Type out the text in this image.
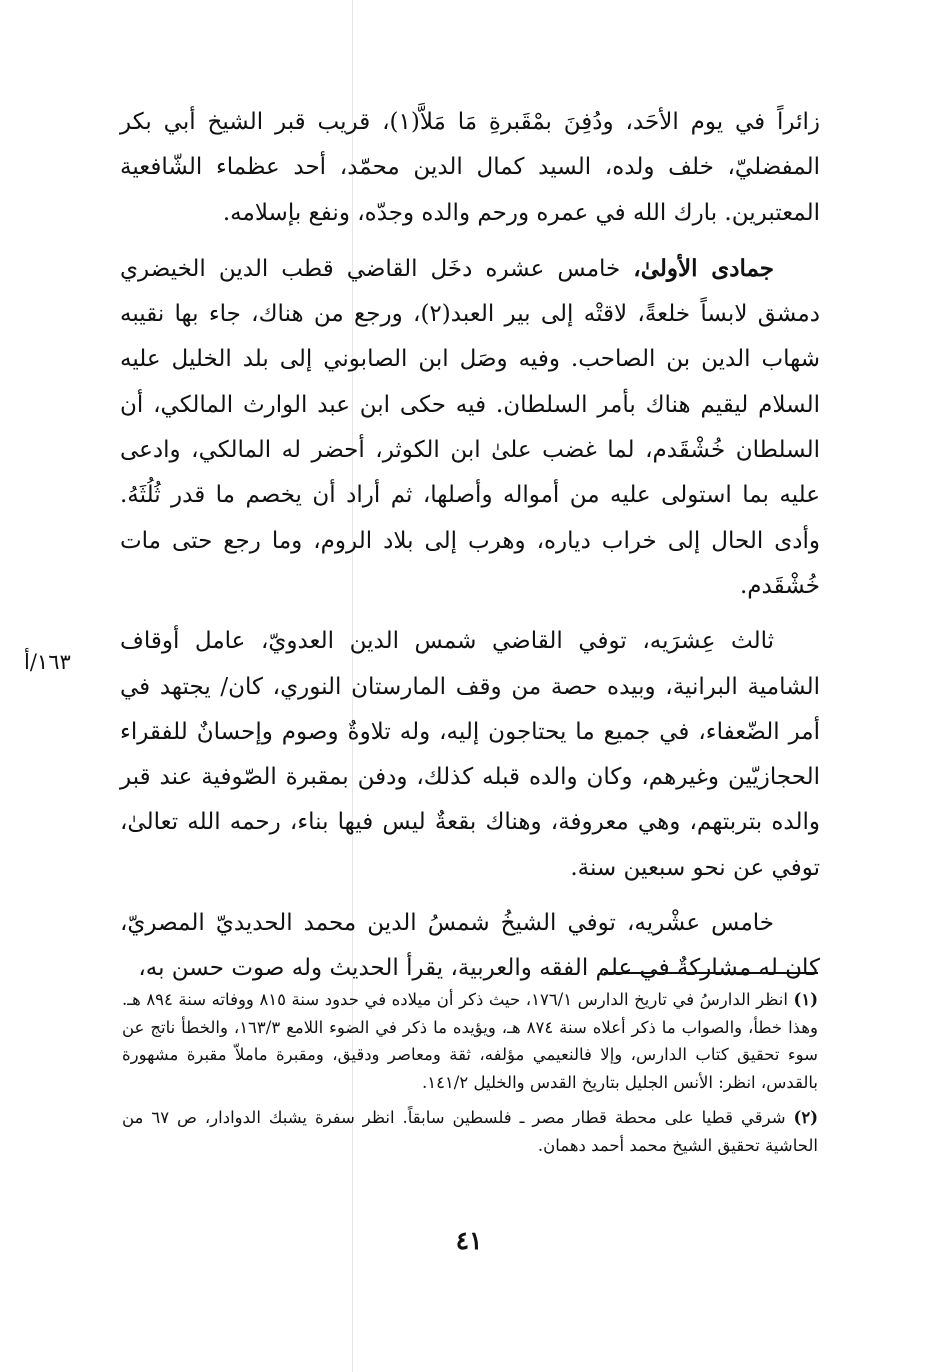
زائراً في يوم الأحَد، ودُفِنَ بمْقَبرةِ مَا مَلاَّ(١)، قريب قبر الشيخ أبي بكر المفضليّ، خلف ولده، السيد كمال الدين محمّد، أحد عظماء الشّافعية المعتبرين. بارك الله في عمره ورحم والده وجدّه، ونفع بإسلامه.

جمادى الأولىٰ، خامس عشره دخَل القاضي قطب الدين الخيضري دمشق لابساً خلعةً، لاقتْه إلى بير العبد(٢)، ورجع من هناك، جاء بها نقيبه شهاب الدين بن الصاحب. وفيه وصَل ابن الصابوني إلى بلد الخليل عليه السلام ليقيم هناك بأمر السلطان. فيه حكى ابن عبد الوارث المالكي، أن السلطان خُشْقَدم، لما غضب علىٰ ابن الكوثر، أحضر له المالكي، وادعى عليه بما استولى عليه من أمواله وأصلها، ثم أراد أن يخصم ما قدر ثُلُثَهُ. وأدى الحال إلى خراب دياره، وهرب إلى بلاد الروم، وما رجع حتى مات خُشْقَدم.

ثالث عِشرَيه، توفي القاضي شمس الدين العدويّ، عامل أوقاف الشامية البرانية، وبيده حصة من وقف المارستان النوري، كان/ يجتهد في أمر الضّعفاء، في جميع ما يحتاجون إليه، وله تلاوةٌ وصوم وإحسانٌ للفقراء الحجازيّين وغيرهم، وكان والده قبله كذلك، ودفن بمقبرة الصّوفية عند قبر والده بتربتهم، وهي معروفة، وهناك بقعةٌ ليس فيها بناء، رحمه الله تعالىٰ، توفي عن نحو سبعين سنة.

خامس عشْريه، توفي الشيخُ شمسُ الدين محمد الحديديّ المصريّ، كان له مشاركةٌ في علم الفقه والعربية، يقرأ الحديث وله صوت حسن به،

١٦٣/أ

(١) انظر الدارسُ في تاريخ الدارس ١٧٦/١، حيث ذكر أن ميلاده في حدود سنة ٨١٥ ووفاته سنة ٨٩٤ هـ. وهذا خطأ، والصواب ما ذكر أعلاه سنة ٨٧٤ هـ، ويؤيده ما ذكر في الضوء اللامع ١٦٣/٣، والخطأ ناتج عن سوء تحقيق كتاب الدارس، وإلا فالنعيمي مؤلفه، ثقة ومعاصر ودقيق، ومقبرة ماملاّ مقبرة مشهورة بالقدس، انظر: الأنس الجليل بتاريخ القدس والخليل ١٤١/٢.

(٢) شرقي قطيا على محطة قطار مصر ـ فلسطين سابقاً. انظر سفرة يشبك الدوادار، ص ٦٧ من الحاشية تحقيق الشيخ محمد أحمد دهمان.

٤١
